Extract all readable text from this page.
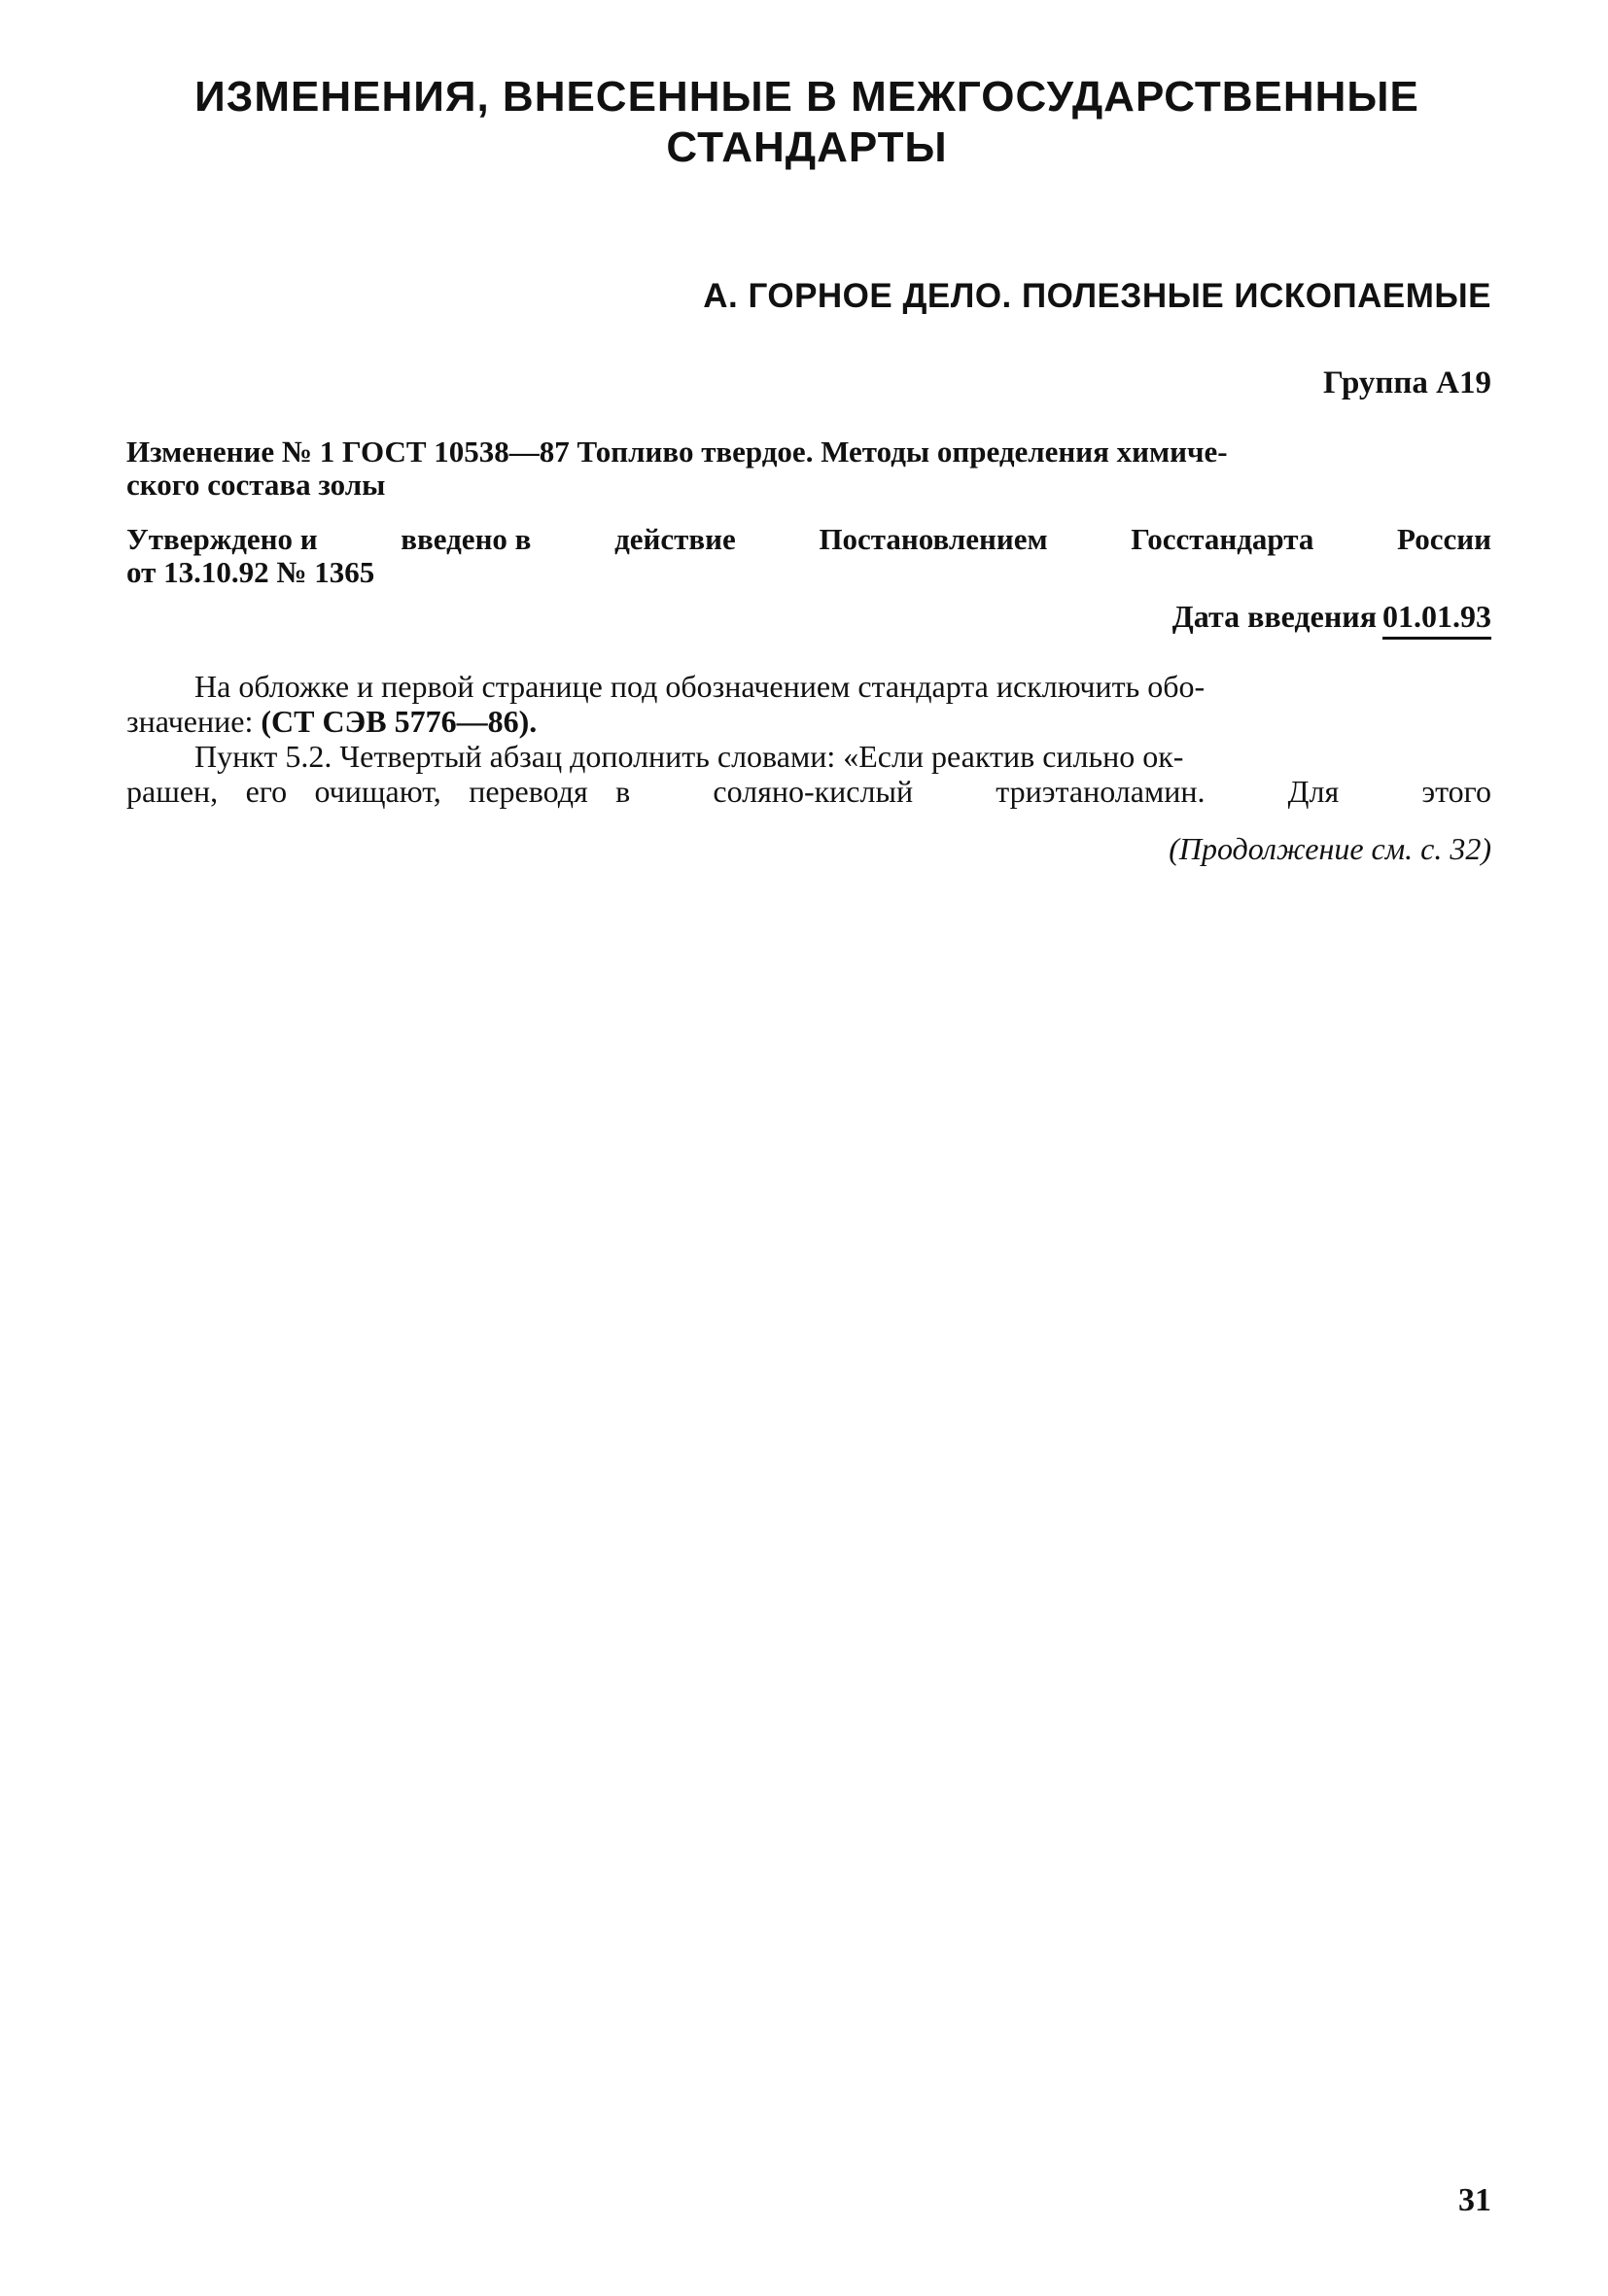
ИЗМЕНЕНИЯ, ВНЕСЕННЫЕ В МЕЖГОСУДАРСТВЕННЫЕ
СТАНДАРТЫ
А. ГОРНОЕ ДЕЛО. ПОЛЕЗНЫЕ ИСКОПАЕМЫЕ
Группа А19
Изменение № 1 ГОСТ 10538—87 Топливо твердое. Методы определения химиче-
ского состава золы
Утверждено и	введено в	действие	Постановлением	Госстандарта	России
от 13.10.92 № 1365
Дата введения 01.01.93
На обложке и первой странице под обозначением стандарта исключить обо-
значение: (СТ СЭВ 5776—86).
Пункт 5.2. Четвертый абзац дополнить словами: «Если реактив сильно ок-
рашен, его очищают, переводя в   соляно-кислый   триэтаноламин.   Для   этого
(Продолжение см. с. 32)
31
